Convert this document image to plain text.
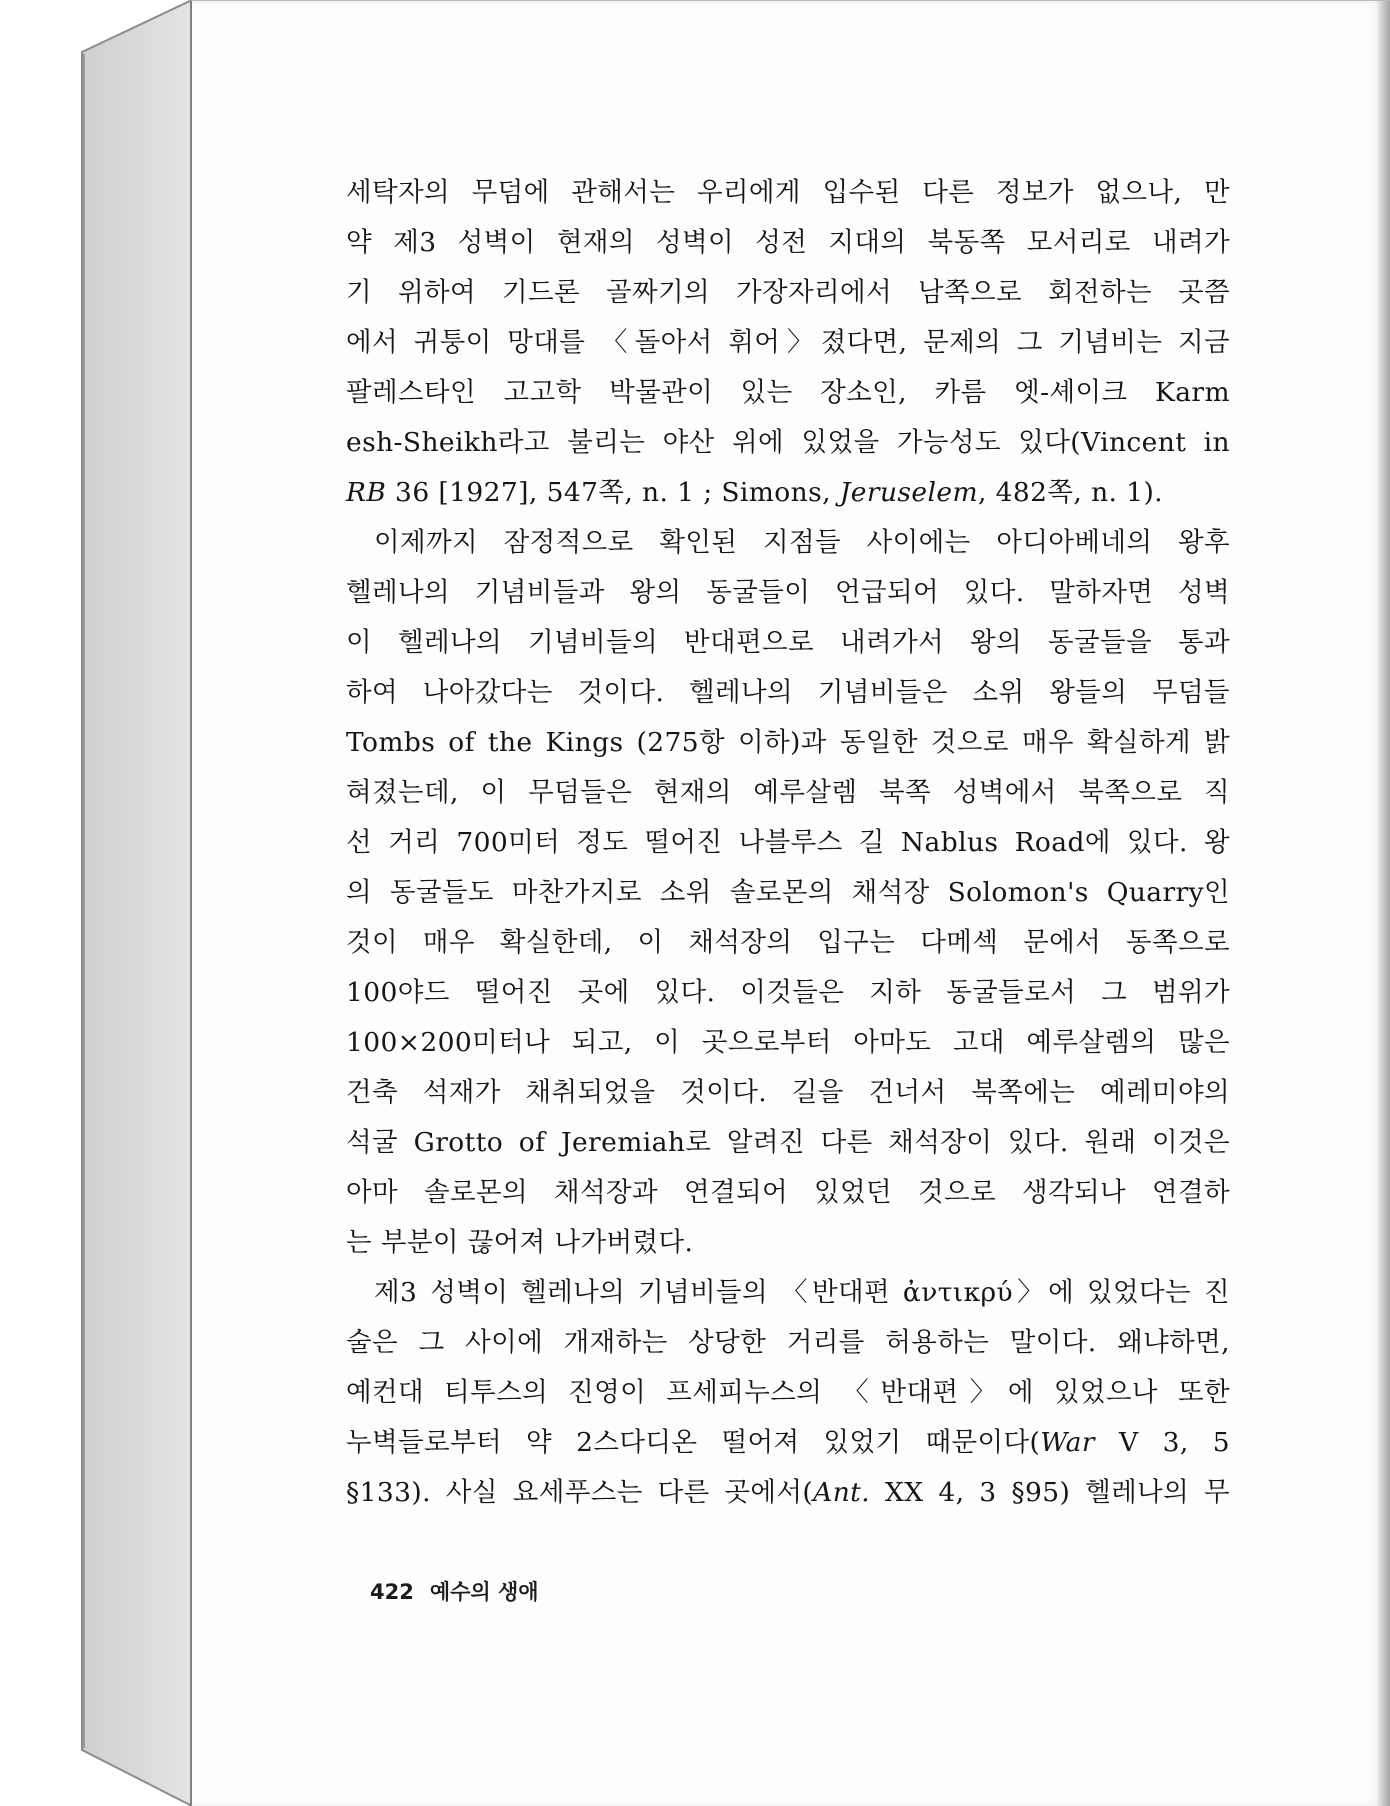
세탁자의 무덤에 관해서는 우리에게 입수된 다른 정보가 없으나, 만
약 제3 성벽이 현재의 성벽이 성전 지대의 북동쪽 모서리로 내려가
기 위하여 기드론 골짜기의 가장자리에서 남쪽으로 회전하는 곳쯤
에서 귀퉁이 망대를 〈돌아서 휘어〉졌다면, 문제의 그 기념비는 지금
팔레스타인 고고학 박물관이 있는 장소인, 카름 엣-셰이크 Karm
esh-Sheikh라고 불리는 야산 위에 있었을 가능성도 있다(Vincent in
RB 36 [1927], 547쪽, n. 1 ; Simons, Jeruselem, 482쪽, n. 1).
이제까지 잠정적으로 확인된 지점들 사이에는 아디아베네의 왕후
헬레나의 기념비들과 왕의 동굴들이 언급되어 있다. 말하자면 성벽
이 헬레나의 기념비들의 반대편으로 내려가서 왕의 동굴들을 통과
하여 나아갔다는 것이다. 헬레나의 기념비들은 소위 왕들의 무덤들
Tombs of the Kings (275항 이하)과 동일한 것으로 매우 확실하게 밝
혀졌는데, 이 무덤들은 현재의 예루살렘 북쪽 성벽에서 북쪽으로 직
선 거리 700미터 정도 떨어진 나블루스 길 Nablus Road에 있다. 왕
의 동굴들도 마찬가지로 소위 솔로몬의 채석장 Solomon's Quarry인
것이 매우 확실한데, 이 채석장의 입구는 다메섹 문에서 동쪽으로
100야드 떨어진 곳에 있다. 이것들은 지하 동굴들로서 그 범위가
100×200미터나 되고, 이 곳으로부터 아마도 고대 예루살렘의 많은
건축 석재가 채취되었을 것이다. 길을 건너서 북쪽에는 예레미야의
석굴 Grotto of Jeremiah로 알려진 다른 채석장이 있다. 원래 이것은
아마 솔로몬의 채석장과 연결되어 있었던 것으로 생각되나 연결하
는 부분이 끊어져 나가버렸다.
제3 성벽이 헬레나의 기념비들의 〈반대편 ἀντικρύ〉에 있었다는 진
술은 그 사이에 개재하는 상당한 거리를 허용하는 말이다. 왜냐하면,
예컨대 티투스의 진영이 프세피누스의 〈반대편〉에 있었으나 또한
누벽들로부터 약 2스다디온 떨어져 있었기 때문이다(War V 3, 5
§133). 사실 요세푸스는 다른 곳에서(Ant. XX 4, 3 §95) 헬레나의 무
422 예수의 생애
